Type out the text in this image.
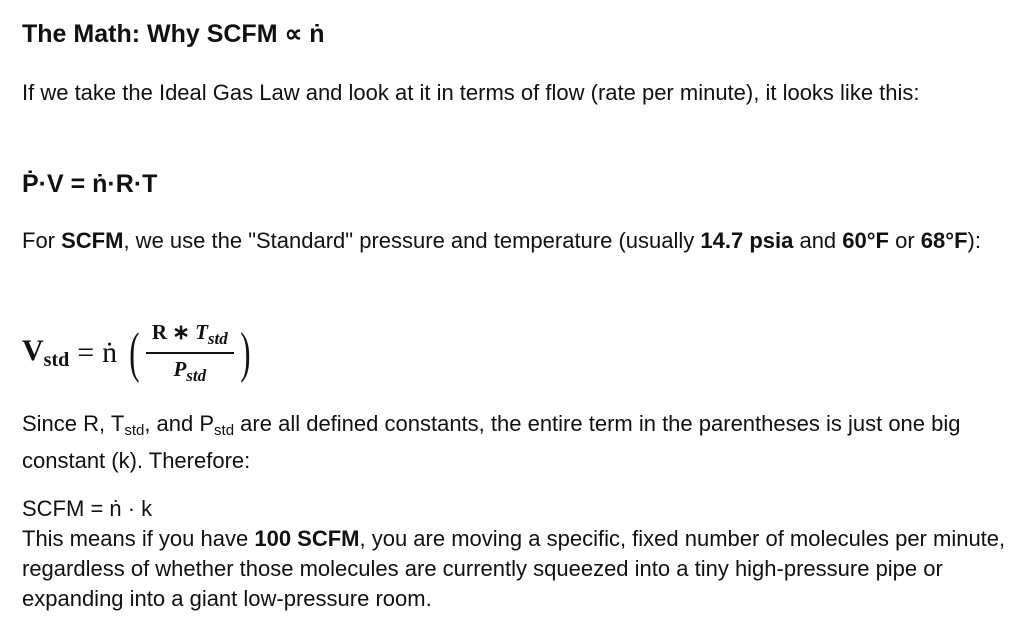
The Math: Why SCFM ∝ ṅ

If we take the Ideal Gas Law and look at it in terms of flow (rate per minute), it looks like this:

Ṗ·V = ṅ·R·T

For SCFM, we use the "Standard" pressure and temperature (usually 14.7 psia and 60°F or 68°F):

$V_{std}$ = ṅ ( $\frac{R ∗ T_{std}}{P_{std}}$ )

Since R, $T_{std}$, and $P_{std}$ are all defined constants, the entire term in the parentheses is just one big constant (k). Therefore:

SCFM = ṅ · k

This means if you have 100 SCFM, you are moving a specific, fixed number of molecules per minute, regardless of whether those molecules are currently squeezed into a tiny high-pressure pipe or expanding into a giant low-pressure room.
